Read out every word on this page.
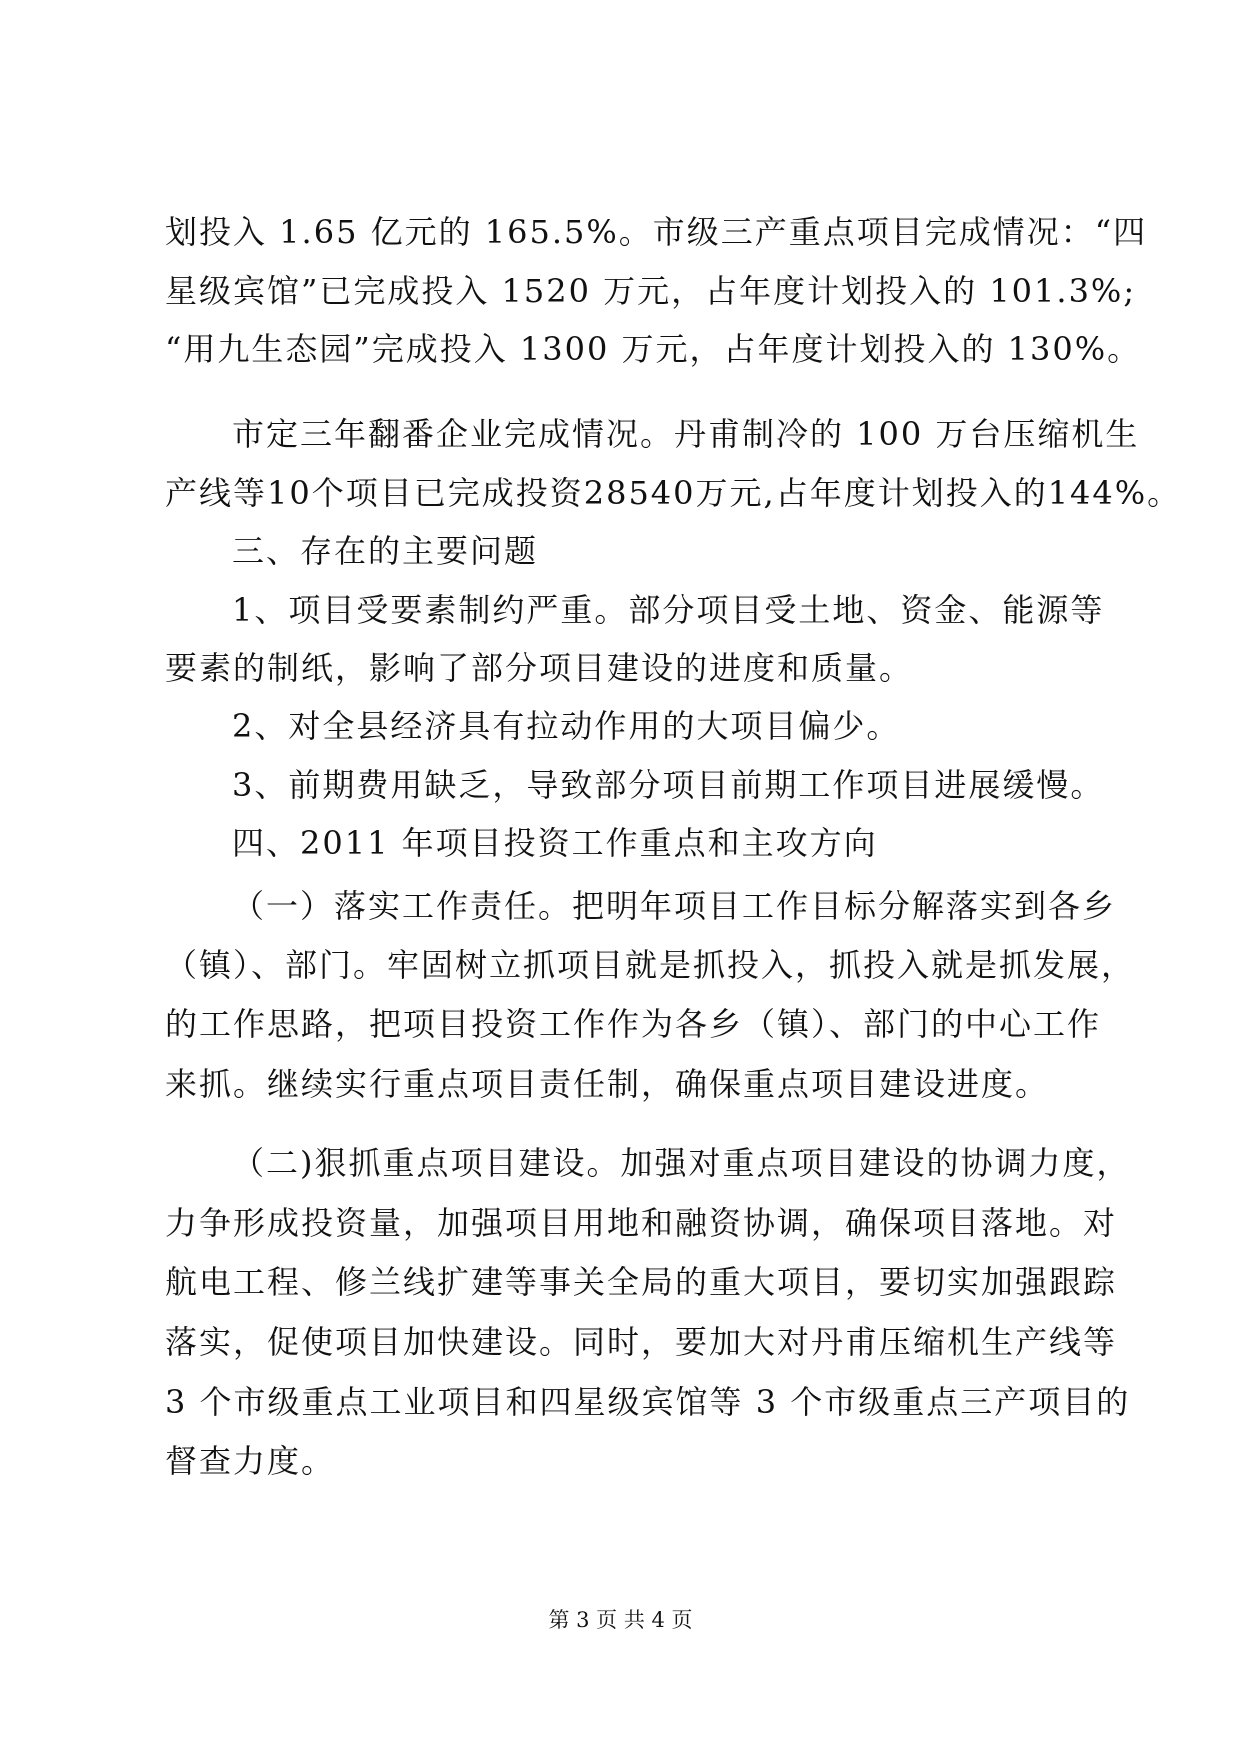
划投入 1.65 亿元的 165.5%。市级三产重点项目完成情况：“四
星级宾馆”已完成投入 1520 万元，占年度计划投入的 101.3%;
“用九生态园”完成投入 1300 万元，占年度计划投入的 130%。
市定三年翻番企业完成情况。丹甫制冷的 100 万台压缩机生
产线等10个项目已完成投资28540万元,占年度计划投入的144%。
三、存在的主要问题
1、项目受要素制约严重。部分项目受土地、资金、能源等
要素的制纸，影响了部分项目建设的进度和质量。
2、对全县经济具有拉动作用的大项目偏少。
3、前期费用缺乏，导致部分项目前期工作项目进展缓慢。
四、2011 年项目投资工作重点和主攻方向
（一）落实工作责任。把明年项目工作目标分解落实到各乡
（镇）、部门。牢固树立抓项目就是抓投入，抓投入就是抓发展，
的工作思路，把项目投资工作作为各乡（镇）、部门的中心工作
来抓。继续实行重点项目责任制，确保重点项目建设进度。
（二)狠抓重点项目建设。加强对重点项目建设的协调力度，
力争形成投资量，加强项目用地和融资协调，确保项目落地。对
航电工程、修兰线扩建等事关全局的重大项目，要切实加强跟踪
落实，促使项目加快建设。同时，要加大对丹甫压缩机生产线等
3 个市级重点工业项目和四星级宾馆等 3 个市级重点三产项目的
督查力度。
第 3 页 共 4 页
